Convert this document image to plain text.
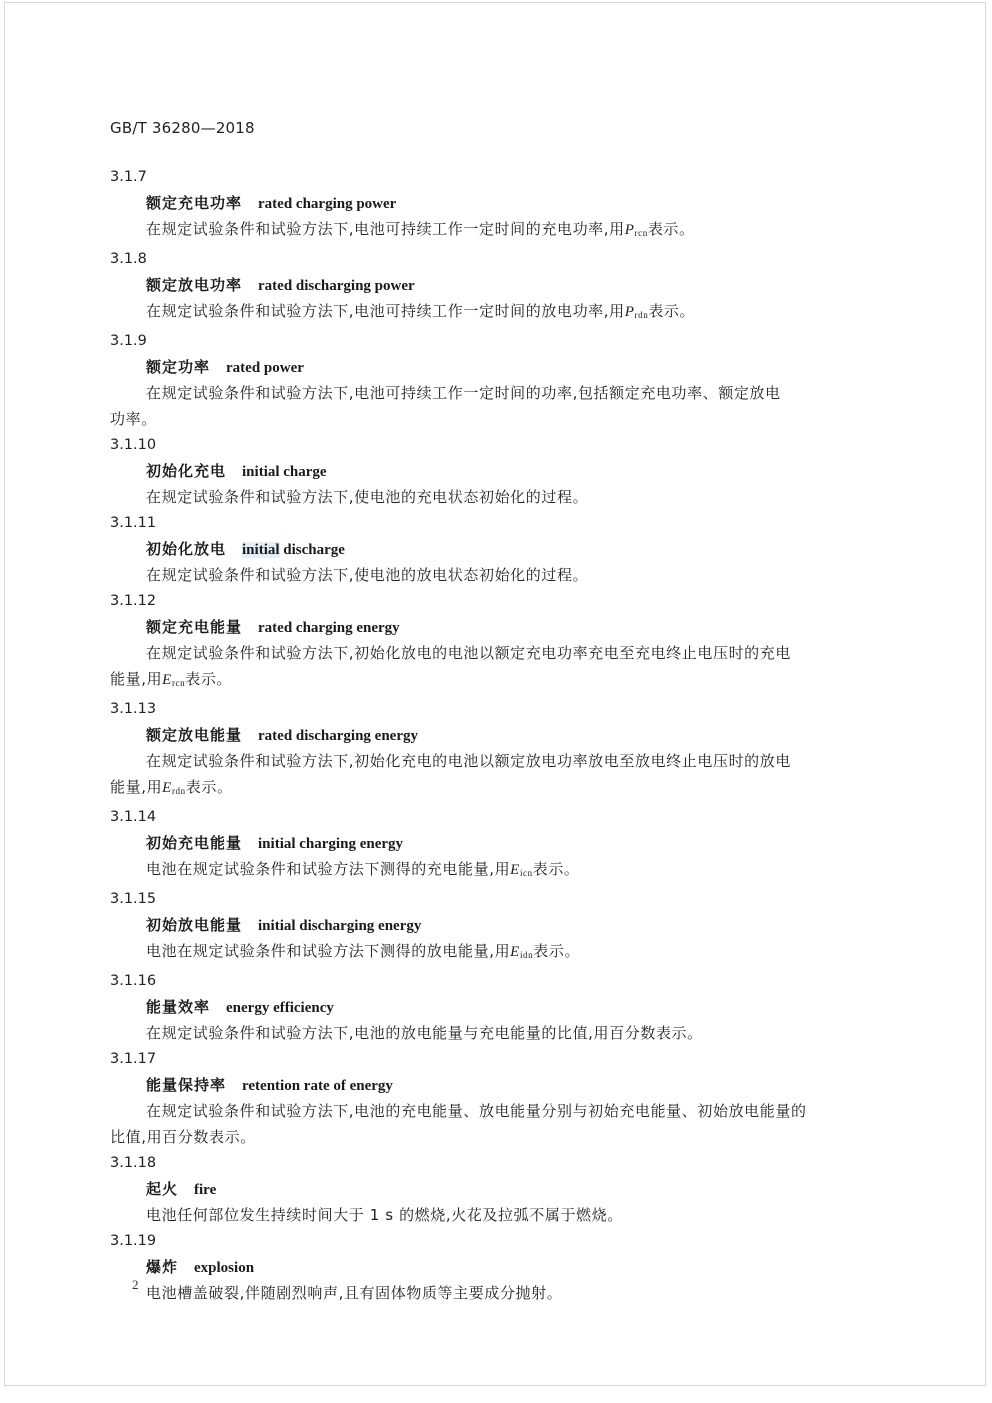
GB/T 36280—2018
3.1.7
额定充电功率 rated charging power
在规定试验条件和试验方法下,电池可持续工作一定时间的充电功率,用$P_{rcn}$表示。
3.1.8
额定放电功率 rated discharging power
在规定试验条件和试验方法下,电池可持续工作一定时间的放电功率,用$P_{rdn}$表示。
3.1.9
额定功率 rated power
在规定试验条件和试验方法下,电池可持续工作一定时间的功率,包括额定充电功率、额定放电
功率。
3.1.10
初始化充电 initial charge
在规定试验条件和试验方法下,使电池的充电状态初始化的过程。
3.1.11
初始化放电 initial discharge
在规定试验条件和试验方法下,使电池的放电状态初始化的过程。
3.1.12
额定充电能量 rated charging energy
在规定试验条件和试验方法下,初始化放电的电池以额定充电功率充电至充电终止电压时的充电
能量,用$E_{rcn}$表示。
3.1.13
额定放电能量 rated discharging energy
在规定试验条件和试验方法下,初始化充电的电池以额定放电功率放电至放电终止电压时的放电
能量,用$E_{rdn}$表示。
3.1.14
初始充电能量 initial charging energy
电池在规定试验条件和试验方法下测得的充电能量,用$E_{icn}$表示。
3.1.15
初始放电能量 initial discharging energy
电池在规定试验条件和试验方法下测得的放电能量,用$E_{idn}$表示。
3.1.16
能量效率 energy efficiency
在规定试验条件和试验方法下,电池的放电能量与充电能量的比值,用百分数表示。
3.1.17
能量保持率 retention rate of energy
在规定试验条件和试验方法下,电池的充电能量、放电能量分别与初始充电能量、初始放电能量的
比值,用百分数表示。
3.1.18
起火 fire
电池任何部位发生持续时间大于 1 s 的燃烧,火花及拉弧不属于燃烧。
3.1.19
爆炸 explosion
电池槽盖破裂,伴随剧烈响声,且有固体物质等主要成分抛射。
2
